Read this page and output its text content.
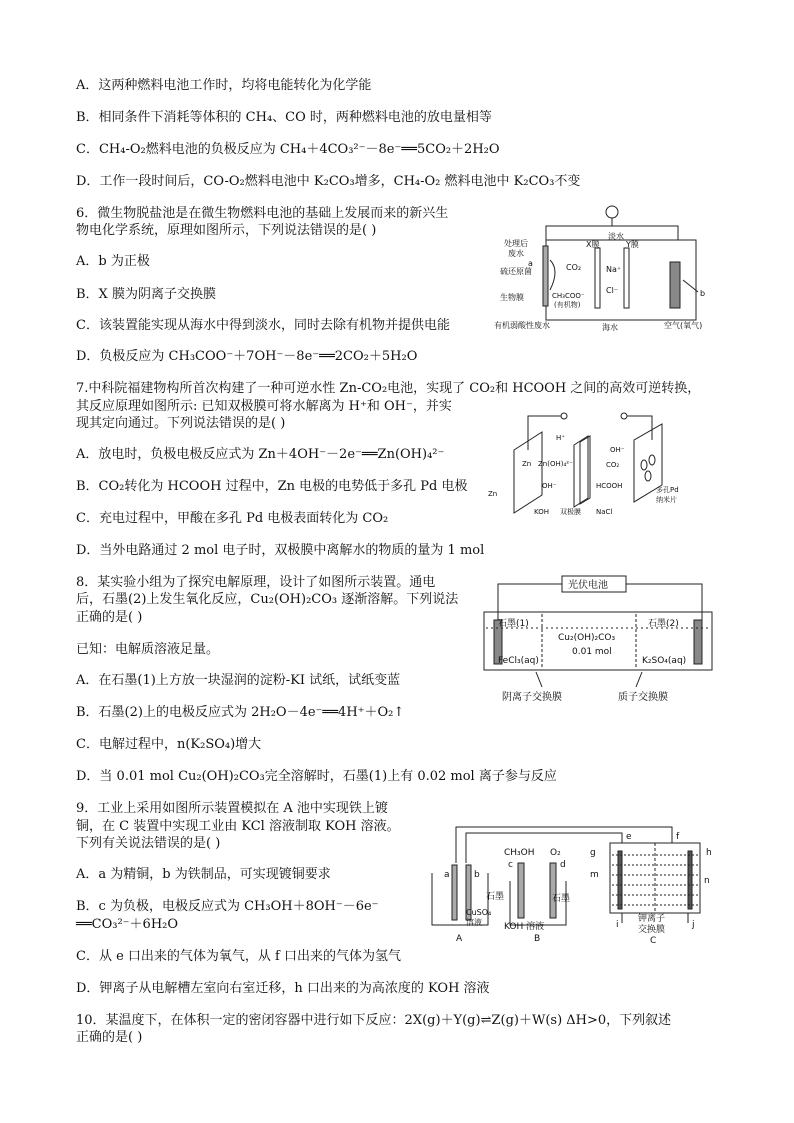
A．这两种燃料电池工作时，均将电能转化为化学能
B．相同条件下消耗等体积的 CH₄、CO 时，两种燃料电池的放电量相等
C．CH₄-O₂燃料电池的负极反应为 CH₄＋4CO₃²⁻－8e⁻══5CO₂＋2H₂O
D．工作一段时间后，CO-O₂燃料电池中 K₂CO₃增多，CH₄-O₂ 燃料电池中 K₂CO₃不变
6．微生物脱盐池是在微生物燃料电池的基础上发展而来的新兴生
物电化学系统，原理如图所示，下列说法错误的是( )
A．b 为正极
B．X 膜为阴离子交换膜
C．该装置能实现从海水中得到淡水，同时去除有机物并提供电能
D．负极反应为 CH₃COO⁻＋7OH⁻－8e⁻══2CO₂＋5H₂O
7.中科院福建物构所首次构建了一种可逆水性 Zn-CO₂电池，实现了 CO₂和 HCOOH 之间的高效可逆转换，
其反应原理如图所示: 已知双极膜可将水解离为 H⁺和 OH⁻，并实
现其定向通过。下列说法错误的是( )
A．放电时，负极电极反应式为 Zn＋4OH⁻－2e⁻══Zn(OH)₄²⁻
B．CO₂转化为 HCOOH 过程中，Zn 电极的电势低于多孔 Pd 电极
C．充电过程中，甲酸在多孔 Pd 电极表面转化为 CO₂
D．当外电路通过 2 mol 电子时，双极膜中离解水的物质的量为 1 mol
8．某实验小组为了探究电解原理，设计了如图所示装置。通电
后，石墨(2)上发生氧化反应，Cu₂(OH)₂CO₃ 逐渐溶解。下列说法
正确的是( )
已知：电解质溶液足量。
A．在石墨(1)上方放一块湿润的淀粉-KI 试纸，试纸变蓝
B．石墨(2)上的电极反应式为 2H₂O－4e⁻══4H⁺＋O₂↑
C．电解过程中，n(K₂SO₄)增大
D．当 0.01 mol Cu₂(OH)₂CO₃完全溶解时，石墨(1)上有 0.02 mol 离子参与反应
9．工业上采用如图所示装置模拟在 A 池中实现铁上镀
铜，在 C 装置中实现工业由 KCl 溶液制取 KOH 溶液。
下列有关说法错误的是( )
A．a 为精铜，b 为铁制品，可实现镀铜要求
B．c 为负极，电极反应式为 CH₃OH＋8OH⁻－6e⁻
══CO₃²⁻＋6H₂O
C．从 e 口出来的气体为氧气，从 f 口出来的气体为氢气
D．钾离子从电解槽左室向右室迁移，h 口出来的为高浓度的 KOH 溶液
10．某温度下，在体积一定的密闭容器中进行如下反应：2X(g)＋Y(g)⇌Z(g)＋W(s) ΔH>0，下列叙述
正确的是( )
淡水
X膜	Y膜
处理后
废水
a
硫还原菌	CO₂
生物膜	CH₃COO⁻
(有机物)
Na⁺
Cl⁻	b
有机弱酸性废水	海水	空气(氧气)
H⁺
OH⁻
CO₂
HCOOH
OH⁻
Zn(OH)₄²⁻
Zn
Zn
KOH 双极膜 NaCl
多孔Pd
纳米片
光伏电池
石墨(1)	石墨(2)
Cu₂(OH)₂CO₃
0.01 mol
FeCl₃(aq)	K₂SO₄(aq)
阴离子交换膜	质子交换膜
CH₃OH O₂
c	d
a	b
石墨	石墨
CuSO₄
溶液 KOH 溶液
e	f
g	h
m
n
i	j
钾离子
交换膜
A	B	C
